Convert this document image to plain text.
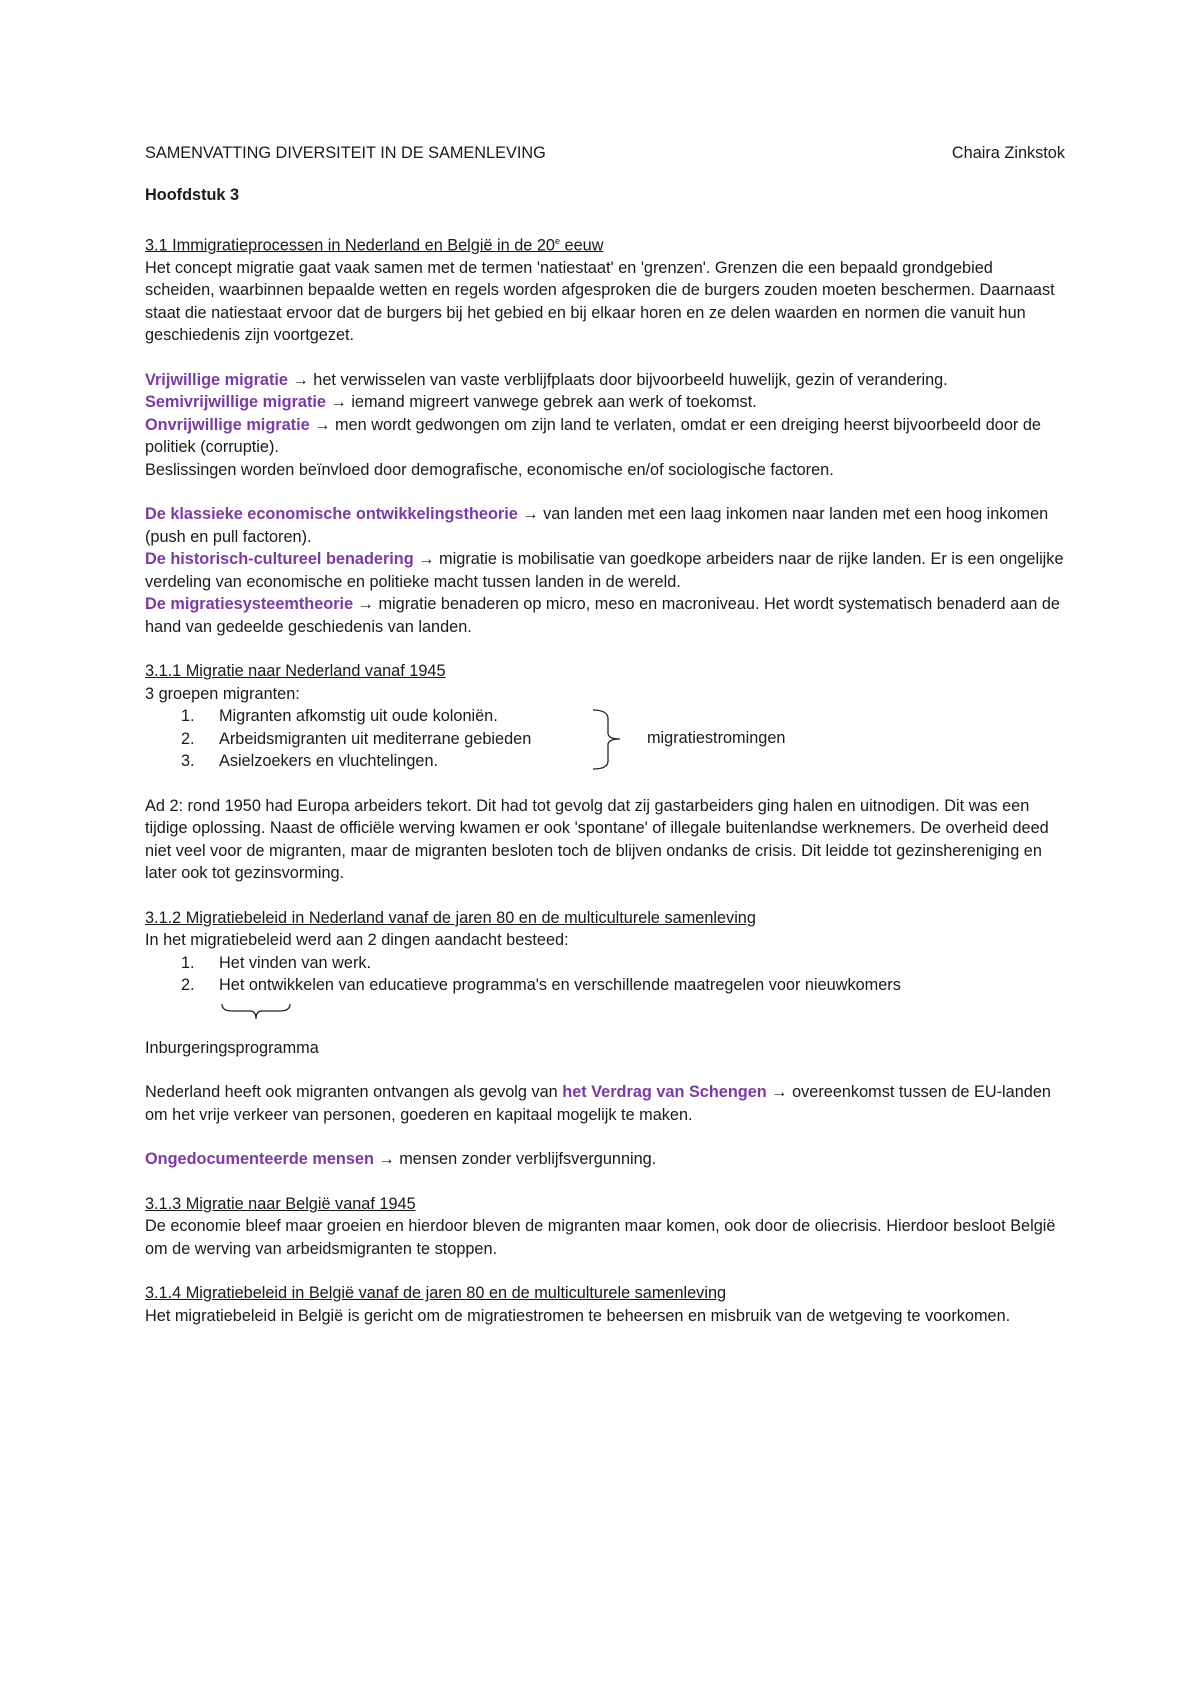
SAMENVATTING DIVERSITEIT IN DE SAMENLEVING	Chaira Zinkstok
Hoofdstuk 3

3.1 Immigratieprocessen in Nederland en België in de 20e eeuw

Het concept migratie gaat vaak samen met de termen 'natiestaat' en 'grenzen'. Grenzen die een bepaald grondgebied scheiden, waarbinnen bepaalde wetten en regels worden afgesproken die de burgers zouden moeten beschermen. Daarnaast staat die natiestaat ervoor dat de burgers bij het gebied en bij elkaar horen en ze delen waarden en normen die vanuit hun geschiedenis zijn voortgezet.

Vrijwillige migratie → het verwisselen van vaste verblijfplaats door bijvoorbeeld huwelijk, gezin of verandering.

Semivrijwillige migratie → iemand migreert vanwege gebrek aan werk of toekomst.

Onvrijwillige migratie → men wordt gedwongen om zijn land te verlaten, omdat er een dreiging heerst bijvoorbeeld door de politiek (corruptie).

Beslissingen worden beïnvloed door demografische, economische en/of sociologische factoren.

De klassieke economische ontwikkelingstheorie → van landen met een laag inkomen naar landen met een hoog inkomen (push en pull factoren).

De historisch-cultureel benadering → migratie is mobilisatie van goedkope arbeiders naar de rijke landen. Er is een ongelijke verdeling van economische en politieke macht tussen landen in de wereld.

De migratiesysteemtheorie → migratie benaderen op micro, meso en macroniveau. Het wordt systematisch benaderd aan de hand van gedeelde geschiedenis van landen.

3.1.1 Migratie naar Nederland vanaf 1945

3 groepen migranten:

1. Migranten afkomstig uit oude koloniën.
2. Arbeidsmigranten uit mediterrane gebieden
3. Asielzoekers en vluchtelingen.
migratiestromingen

Ad 2: rond 1950 had Europa arbeiders tekort. Dit had tot gevolg dat zij gastarbeiders ging halen en uitnodigen. Dit was een tijdige oplossing. Naast de officiële werving kwamen er ook 'spontane' of illegale buitenlandse werknemers. De overheid deed niet veel voor de migranten, maar de migranten besloten toch de blijven ondanks de crisis. Dit leidde tot gezinshereniging en later ook tot gezinsvorming.

3.1.2 Migratiebeleid in Nederland vanaf de jaren 80 en de multiculturele samenleving

In het migratiebeleid werd aan 2 dingen aandacht besteed:

1. Het vinden van werk.
2. Het ontwikkelen van educatieve programma's en verschillende maatregelen voor nieuwkomers

Inburgeringsprogramma

Nederland heeft ook migranten ontvangen als gevolg van het Verdrag van Schengen → overeenkomst tussen de EU-landen om het vrije verkeer van personen, goederen en kapitaal mogelijk te maken.

Ongedocumenteerde mensen → mensen zonder verblijfsvergunning.

3.1.3 Migratie naar België vanaf 1945

De economie bleef maar groeien en hierdoor bleven de migranten maar komen, ook door de oliecrisis. Hierdoor besloot België om de werving van arbeidsmigranten te stoppen.

3.1.4 Migratiebeleid in België vanaf de jaren 80 en de multiculturele samenleving

Het migratiebeleid in België is gericht om de migratiestromen te beheersen en misbruik van de wetgeving te voorkomen.
